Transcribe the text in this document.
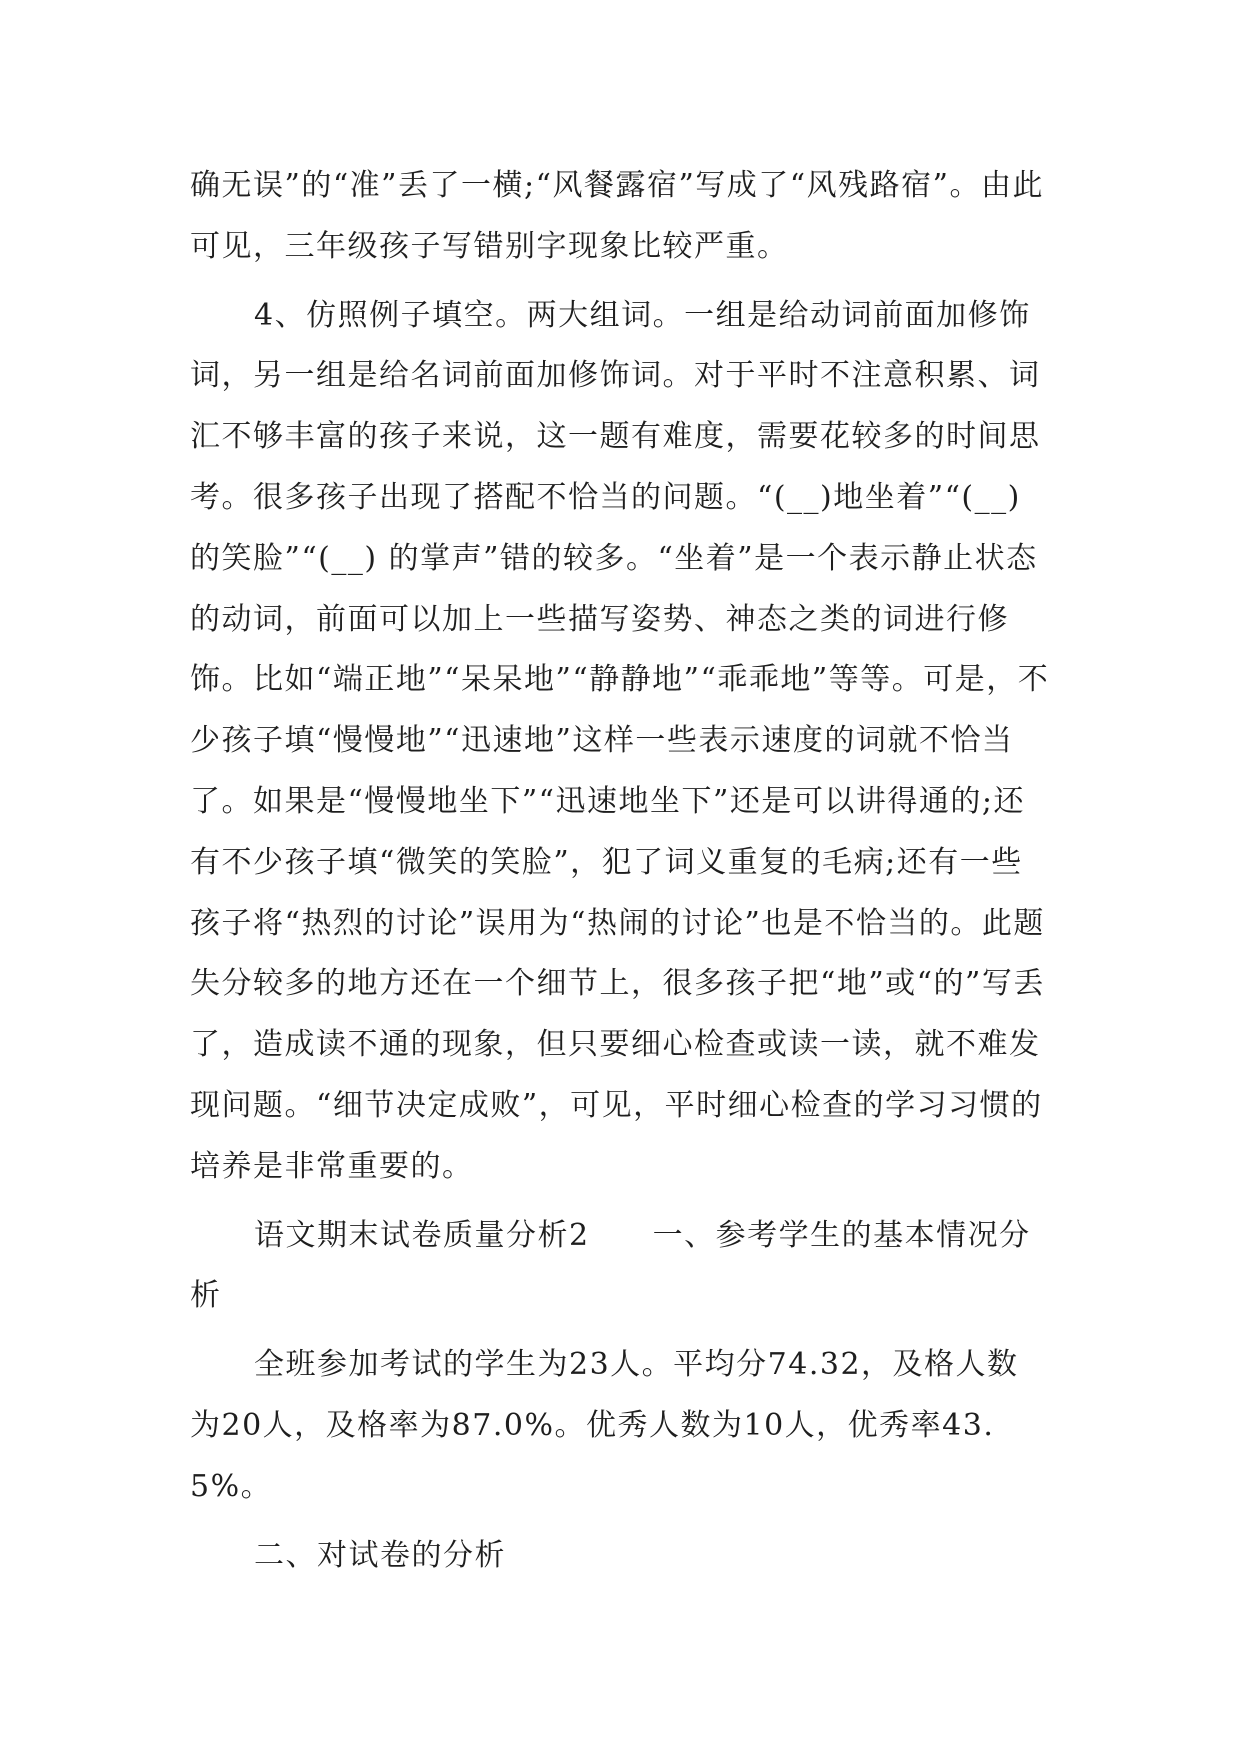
确无误”的“准”丢了一横;“风餐露宿”写成了“风残路宿”。由此可见，三年级孩子写错别字现象比较严重。

4、仿照例子填空。两大组词。一组是给动词前面加修饰词，另一组是给名词前面加修饰词。对于平时不注意积累、词汇不够丰富的孩子来说，这一题有难度，需要花较多的时间思考。很多孩子出现了搭配不恰当的问题。“(__)地坐着”“(__) 的笑脸”“(__) 的掌声”错的较多。“坐着”是一个表示静止状态的动词，前面可以加上一些描写姿势、神态之类的词进行修饰。比如“端正地”“呆呆地”“静静地”“乖乖地”等等。可是，不少孩子填“慢慢地”“迅速地”这样一些表示速度的词就不恰当了。如果是“慢慢地坐下”“迅速地坐下”还是可以讲得通的;还有不少孩子填“微笑的笑脸”，犯了词义重复的毛病;还有一些孩子将“热烈的讨论”误用为“热闹的讨论”也是不恰当的。此题失分较多的地方还在一个细节上，很多孩子把“地”或“的”写丢了，造成读不通的现象，但只要细心检查或读一读，就不难发现问题。“细节决定成败”，可见，平时细心检查的学习习惯的培养是非常重要的。

语文期末试卷质量分析2　　一、参考学生的基本情况分析

全班参加考试的学生为23人。平均分74.32，及格人数为20人，及格率为87.0%。优秀人数为10人，优秀率43.5%。

二、对试卷的分析
